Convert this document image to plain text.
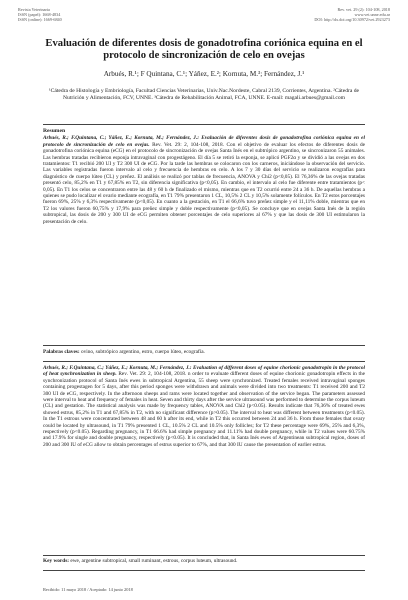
Revista Veterinaria
ISSN (papel): 1668-4834
ISSN (online): 1669-6840
Rev. vet. 29 (2): 104-108, 2018
www.vet.unne.edu.ar
DOI: http://dx.doi.org/10.30972/vet.2923273
Evaluación de diferentes dosis de gonadotrofina coriónica equina en el protocolo de sincronización de celo en ovejas
Arbués, R.¹; F Quintana, C.¹; Yáñez, E.²; Kornuta, M.³; Fernández, J.¹
¹Cátedra de Histología y Embriología, Facultad Ciencias Veterinarias, Univ.Nac.Nordeste, Cabral 2139, Corrientes, Argentina. ²Cátedra de Nutrición y Alimentación, FCV, UNNE. ³Cátedra de Rehabilitación Animal, FCA, UNNE. E-mail: magali.arbues@gmail.com
Resumen
Arbués, R.; F.Quintana, C.; Yáñez, E.; Kornuta, M.; Fernández, J.: Evaluación de diferentes dosis de gonadotrofina coriónica equina en el protocolo de sincronización de celo en ovejas. Rev. Vet. 29: 2, 104-108, 2018. Con el objetivo de evaluar los efectos de diferentes dosis de gonadotrofina coriónica equina (eCG) en el protocolo de sincronización de ovejas Santa Inés en el subtrópico argentino, se sincronizaron 55 animales. Las hembras tratadas recibieron esponja intravaginal con progestágeno. El día 5 se retiró la esponja, se aplicó PGF2α y se dividió a las ovejas en dos tratamientos: T1 recibió 200 UI y T2 300 UI de eCG. Por la tarde las hembras se colocaron con los carneros, iniciándose la observación del servicio. Las variables registradas fueron intervalo al celo y frecuencia de hembras en celo. A los 7 y 30 días del servicio se realizaron ecografías para diagnóstico de cuerpo lúteo (CL) y preñez. El análisis se realizó por tablas de frecuencia, ANOVA y Chi2 (p<0,05). El 76,36% de las ovejas tratadas presentó celo, 85,2% en T1 y 67,85% en T2, sin diferencia significativa (p<0,05). En cambio, el intervalo al celo fue diferente entre tratamientos (p< 0,05). En T1 los celos se concentraron entre las 48 y 60 h de finalizado el mismo, mientras que en T2 ocurrió entre 24 a 36 h. De aquellas hembras a quienes se pudo localizar el ovario mediante ecografía, en T1 79% presentaron 1 CL, 10,5% 2 CL y 10,5% solamente folículos. En T2 estos porcentajes fueron 69%, 25% y 6,3% respectivamente (p<0,05). En cuanto a la gestación, en T1 el 66,6% tuvo preñez simple y el 11,11% doble, mientras que en T2 los valores fueron 60,75% y 17,9% para preñez simple y doble respectivamente (p<0,05). Se concluye que en ovejas Santa Inés de la región subtropical, las dosis de 200 y 300 UI de eCG permiten obtener porcentajes de celo superiores al 67% y que las dosis de 300 UI estimularon la presentación de celo.
Palabras claves: ovino, subtrópico argentino, estro, cuerpo lúteo, ecografía.
Arbués, R.; F.Quintana, C.; Yáñez, E.; Kornuta, M.; Fernández, J.: Evaluation of different doses of equine chorionic gonadotropin in the protocol of heat synchronization in sheep. Rev. Vet. 29: 2, 104-108, 2018. n order to evaluate different doses of equine chorionic gonadotropin effects in the synchronization protocol of Santa Inés ewes in subtropical Argentina, 55 sheep were synchronized. Treated females received intravaginal sponges containing progestagen for 5 days, after this period sponges were withdrawn and animals were divided into two treatments: T1 received 200 and T2 300 UI de eCG, respectively. In the afternoon sheeps and rams were located together and observation of the service began. The parameters assessed were interval to heat and frequency of females in heat. Seven and thirty days after the service ultrasound was performed to determine the corpus luteum (CL) and gestation. The statistical analysis was made by frequency tables, ANOVA and Chi2 (p<0.05). Results indicate that 76,36% of treated ewes showed estrus, 85,2% in T1 and 67,85% in T2, with no significant difference (p>0.05). The interval to heat was different between treatments (p<0.05). In the T1 estrous were concentrated between 48 and 60 h after its end, while in T2 this occurred between 24 and 36 h. From those females that ovary could be located by ultrasound, in T1 79% presented 1 CL, 10.5% 2 CL and 10.5% only follicles; for T2 these percentage were 69%, 25% and 6,3%, respectively (p<0.05). Regarding pregnancy, in T1 66.6% had simple pregnancy and 11.11% had double pregnancy, while in T2 values were 60.75% and 17.9% for single and double pregnancy, respectively (p<0.05). It is concluded that, in Santa Inés ewes of Argentinean subtropical region, doses of 200 and 300 IU of eCG allow to obtain percentages of estrus superior to 67%, and that 300 IU cause the presentation of earlier estrus.
Key words: ewe, argentine subtropical, small ruminant, estrous, corpus luteum, ultrasound.
Recibido: 11 mayo 2018 / Aceptado: 14 junio 2018
